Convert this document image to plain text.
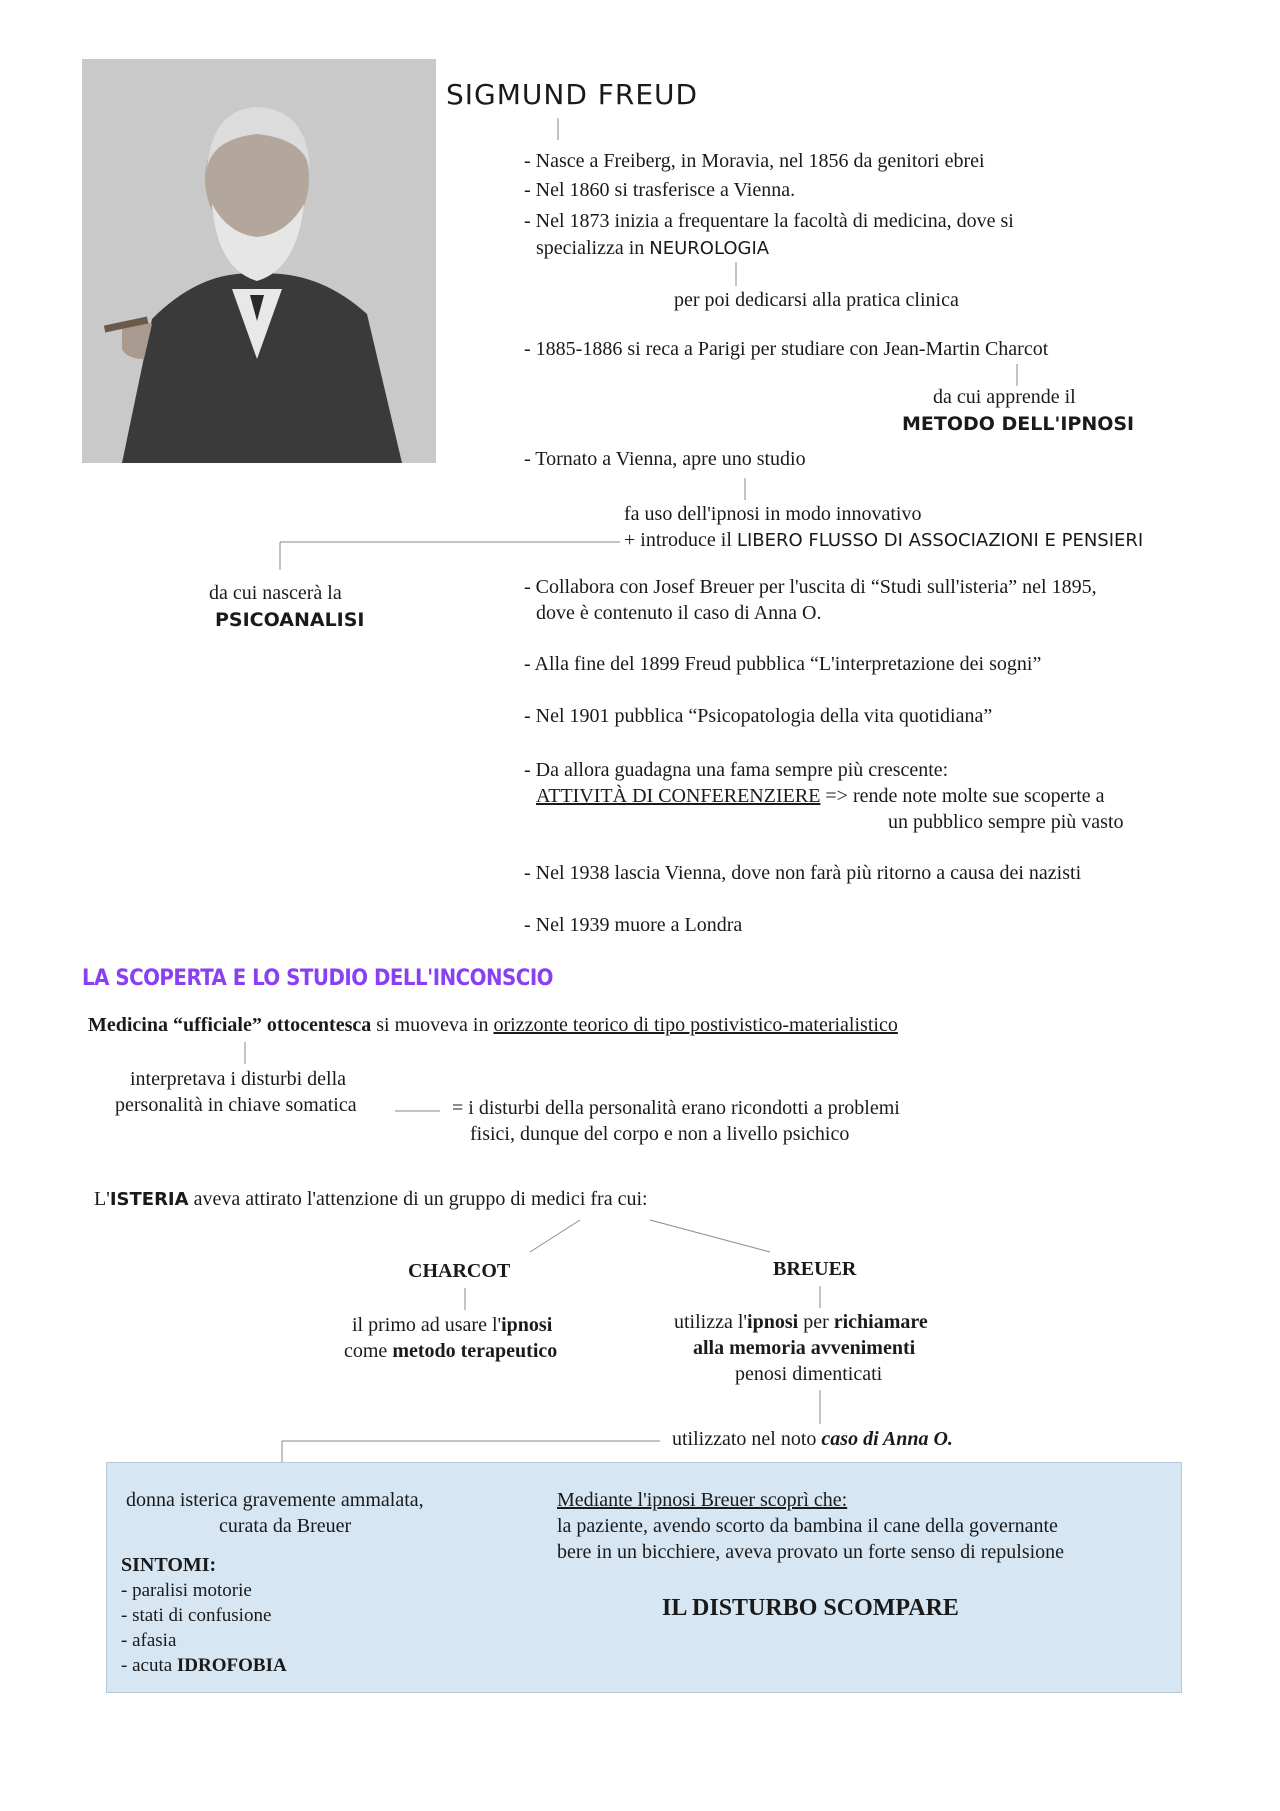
SIGMUND FREUD
- Nasce a Freiberg, in Moravia, nel 1856 da genitori ebrei
- Nel 1860 si trasferisce a Vienna.
- Nel 1873 inizia a frequentare la facoltà di medicina, dove si
specializza in NEUROLOGIA
per poi dedicarsi alla pratica clinica
- 1885-1886 si reca a Parigi per studiare con Jean-Martin Charcot
da cui apprende il
METODO DELL'IPNOSI
- Tornato a Vienna, apre uno studio
fa uso dell'ipnosi in modo innovativo
+ introduce il LIBERO FLUSSO DI ASSOCIAZIONI E PENSIERI
da cui nascerà la
PSICOANALISI
- Collabora con Josef Breuer per l'uscita di “Studi sull'isteria” nel 1895,
dove è contenuto il caso di Anna O.
- Alla fine del 1899 Freud pubblica “L'interpretazione dei sogni”
- Nel 1901 pubblica “Psicopatologia della vita quotidiana”
- Da allora guadagna una fama sempre più crescente:
ATTIVITÀ DI CONFERENZIERE => rende note molte sue scoperte a
un pubblico sempre più vasto
- Nel 1938 lascia Vienna, dove non farà più ritorno a causa dei nazisti
- Nel 1939 muore a Londra
LA SCOPERTA E LO STUDIO DELL'INCONSCIO
Medicina “ufficiale” ottocentesca si muoveva in orizzonte teorico di tipo postivistico-materialistico
interpretava i disturbi della
personalità in chiave somatica	= i disturbi della personalità erano ricondotti a problemi
fisici, dunque del corpo e non a livello psichico
L'ISTERIA aveva attirato l'attenzione di un gruppo di medici fra cui:
CHARCOT
il primo ad usare l'ipnosi
come metodo terapeutico
BREUER
utilizza l'ipnosi per richiamare
alla memoria avvenimenti
penosi dimenticati
utilizzato nel noto caso di Anna O.
donna isterica gravemente ammalata,
curata da Breuer
SINTOMI:
- paralisi motorie
- stati di confusione
- afasia
- acuta IDROFOBIA
Mediante l'ipnosi Breuer scoprì che:
la paziente, avendo scorto da bambina il cane della governante
bere in un bicchiere, aveva provato un forte senso di repulsione
IL DISTURBO SCOMPARE
